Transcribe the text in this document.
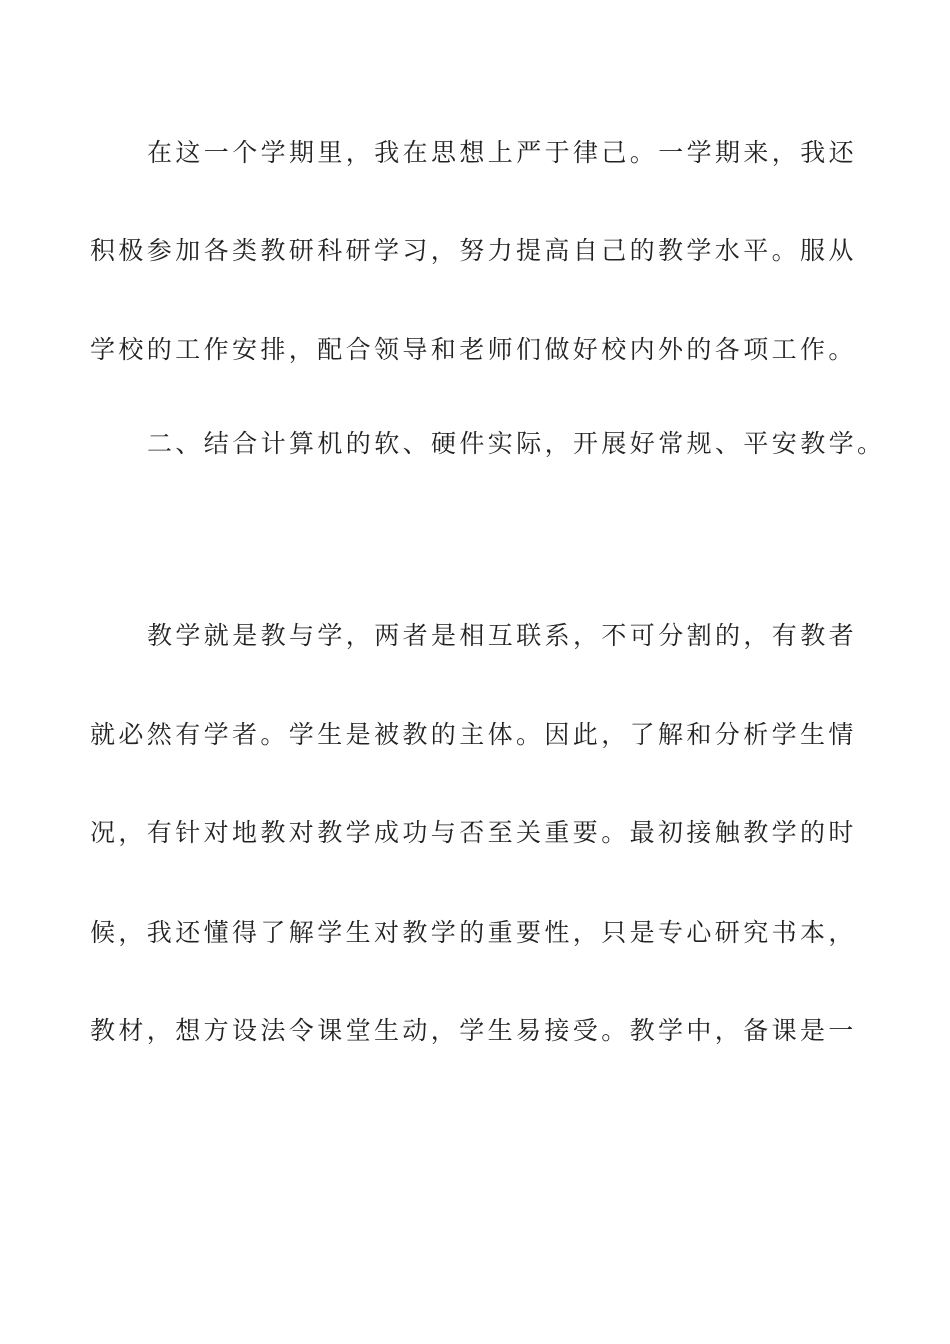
在这一个学期里，我在思想上严于律己。一学期来，我还

积极参加各类教研科研学习，努力提高自己的教学水平。服从

学校的工作安排，配合领导和老师们做好校内外的各项工作。

二、结合计算机的软、硬件实际，开展好常规、平安教学。

教学就是教与学，两者是相互联系，不可分割的，有教者

就必然有学者。学生是被教的主体。因此，了解和分析学生情

况，有针对地教对教学成功与否至关重要。最初接触教学的时

候，我还懂得了解学生对教学的重要性，只是专心研究书本，

教材，想方设法令课堂生动，学生易接受。教学中，备课是一
